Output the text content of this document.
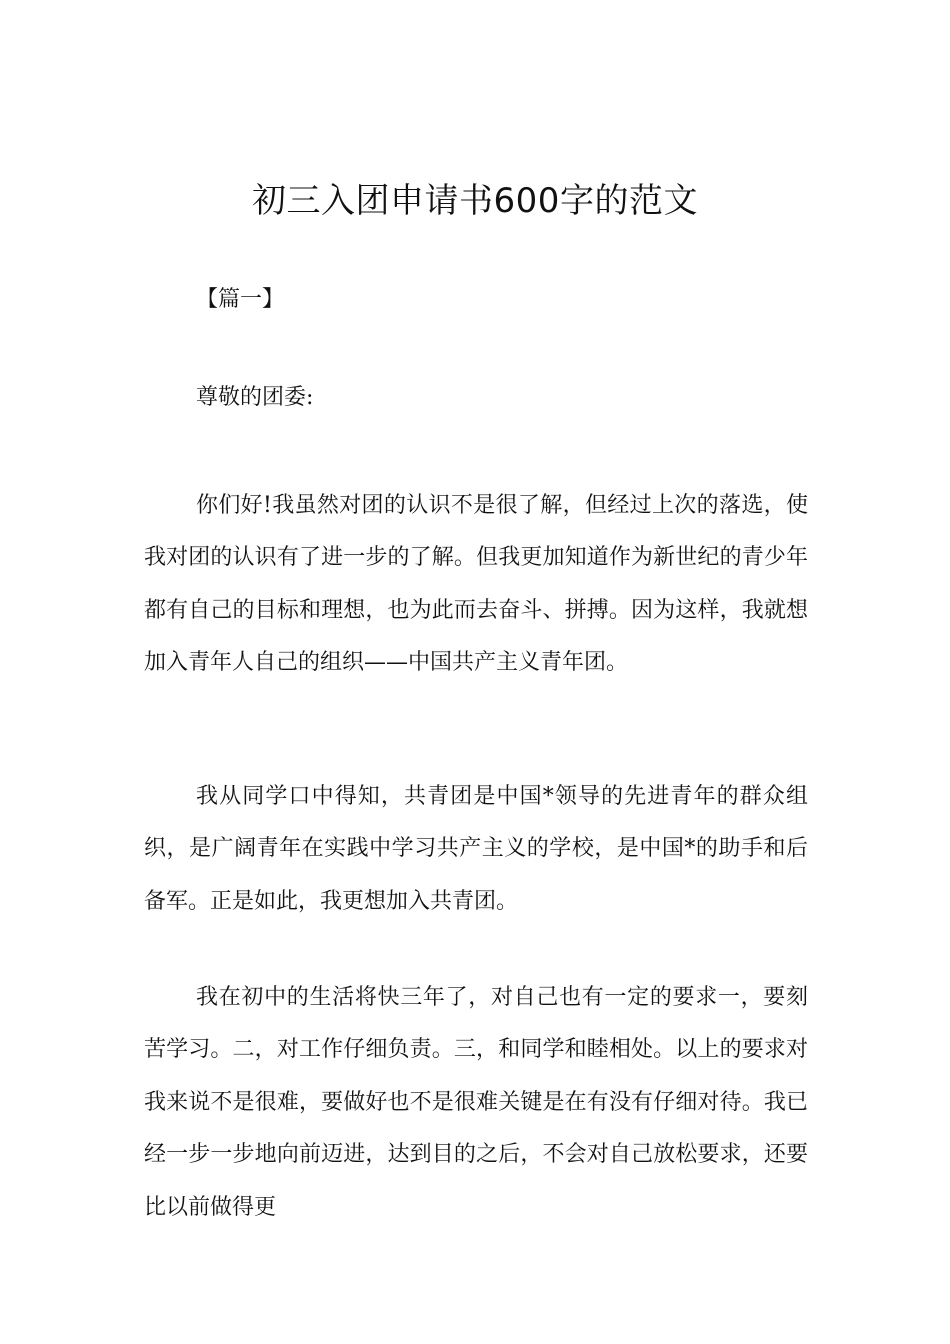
初三入团申请书600字的范文
【篇一】
尊敬的团委:

你们好!我虽然对团的认识不是很了解，但经过上次的落选，使我对团的认识有了进一步的了解。但我更加知道作为新世纪的青少年都有自己的目标和理想，也为此而去奋斗、拼搏。因为这样，我就想加入青年人自己的组织——中国共产主义青年团。

我从同学口中得知，共青团是中国*领导的先进青年的群众组织，是广阔青年在实践中学习共产主义的学校，是中国*的助手和后备军。正是如此，我更想加入共青团。

我在初中的生活将快三年了，对自己也有一定的要求一，要刻苦学习。二，对工作仔细负责。三，和同学和睦相处。以上的要求对我来说不是很难，要做好也不是很难关键是在有没有仔细对待。我已经一步一步地向前迈进，达到目的之后，不会对自己放松要求，还要比以前做得更
